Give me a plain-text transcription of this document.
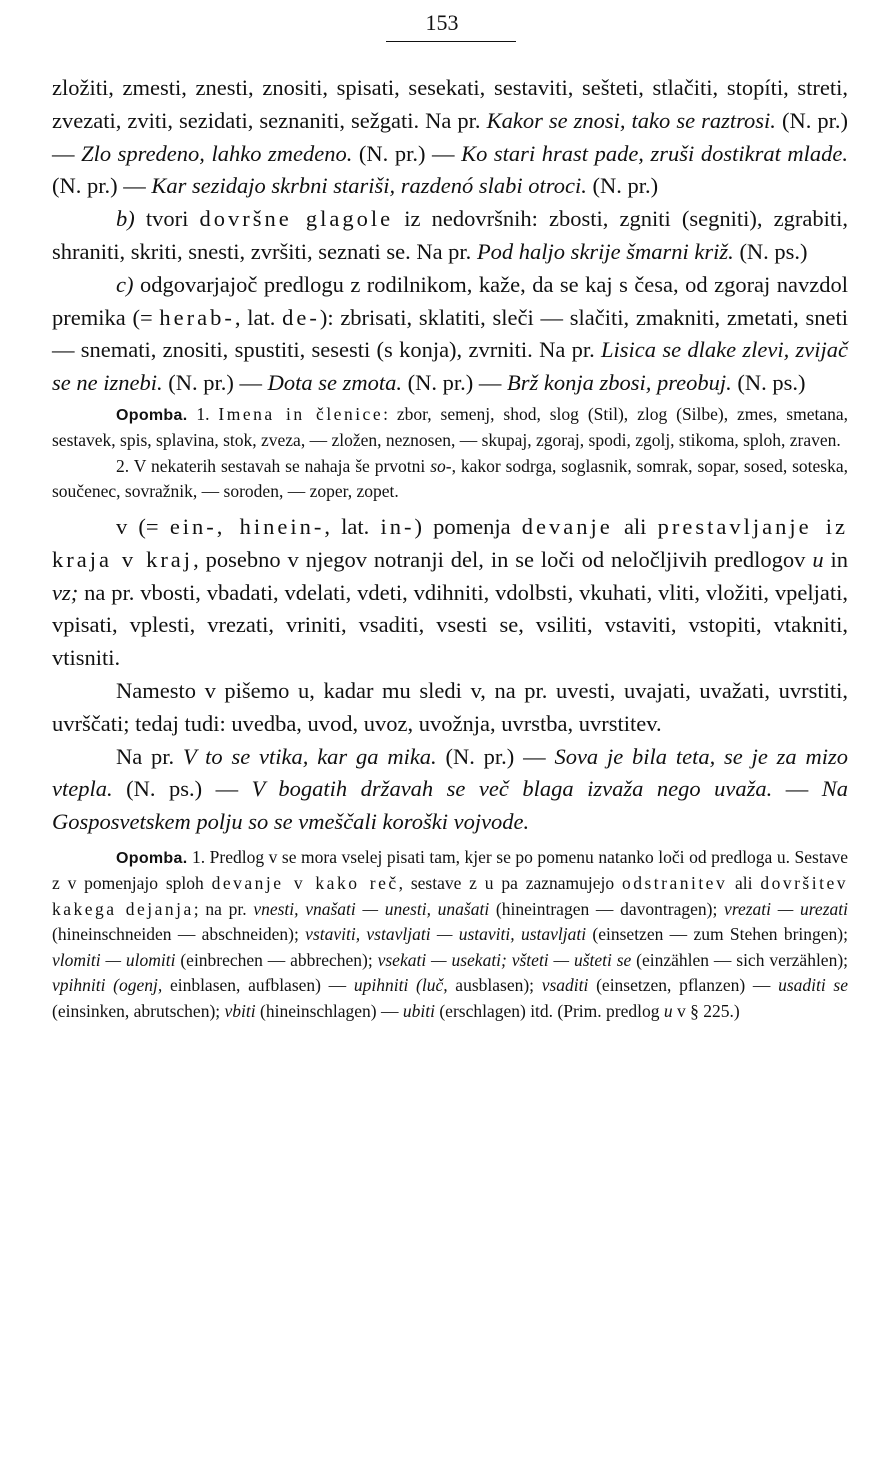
153

zložiti, zmesti, znesti, znositi, spisati, sesekati, sestaviti, sešteti, stlačiti, stopíti, streti, zvezati, zviti, sezidati, seznaniti, sežgati. Na pr. Kakor se znosi, tako se raztrosi. (N. pr.) — Zlo spredeno, lahko zmedeno. (N. pr.) — Ko stari hrast pade, zruši dostikrat mlade. (N. pr.) — Kar sezidajo skrbni stariši, razdenó slabi otroci. (N. pr.)

b) tvori dovršne glagole iz nedovršnih: zbosti, zgniti (segniti), zgrabiti, shraniti, skriti, snesti, zvršiti, seznati se. Na pr. Pod haljo skrije šmarni križ. (N. ps.)

c) odgovarjajoč predlogu z rodilnikom, kaže, da se kaj s česa, od zgoraj navzdol premika (= herab-, lat. de-): zbrisati, sklatiti, sleči — slačiti, zmakniti, zmetati, sneti — snemati, znositi, spustiti, sesesti (s konja), zvrniti. Na pr. Lisica se dlake zlevi, zvijač se ne iznebi. (N. pr.) — Dota se zmota. (N. pr.) — Brž konja zbosi, preobuj. (N. ps.)

Opomba. 1. Imena in členice: zbor, semenj, shod, slog (Stil), zlog (Silbe), zmes, smetana, sestavek, spis, splavina, stok, zveza, — zložen, neznosen, — skupaj, zgoraj, spodi, zgolj, stikoma, sploh, zraven.

2. V nekaterih sestavah se nahaja še prvotni so-, kakor sodrga, soglasnik, somrak, sopar, sosed, soteska, součenec, sovražnik, — soroden, — zoper, zopet.

v (= ein-, hinein-, lat. in-) pomenja devanje ali prestavljanje iz kraja v kraj, posebno v njegov notranji del, in se loči od neločljivih predlogov u in vz; na pr. vbosti, vbadati, vdelati, vdeti, vdihniti, vdolbsti, vkuhati, vliti, vložiti, vpeljati, vpisati, vplesti, vrezati, vriniti, vsaditi, vsesti se, vsiliti, vstaviti, vstopiti, vtakniti, vtisniti.

Namesto v pišemo u, kadar mu sledi v, na pr. uvesti, uvajati, uvažati, uvrstiti, uvrščati; tedaj tudi: uvedba, uvod, uvoz, uvožnja, uvrstba, uvrstitev.

Na pr. V to se vtika, kar ga mika. (N. pr.) — Sova je bila teta, se je za mizo vtepla. (N. ps.) — V bogatih državah se več blaga izvaža nego uvaža. — Na Gosposvetskem polju so se vmeščali koroški vojvode.

Opomba. 1. Predlog v se mora vselej pisati tam, kjer se po pomenu natanko loči od predloga u. Sestave z v pomenjajo sploh devanje v kako reč, sestave z u pa zaznamujejo odstranitev ali dovršitev kakega dejanja; na pr. vnesti, vnašati — unesti, unašati (hineintragen — davontragen); vrezati — urezati (hineinschneiden — abschneiden); vstaviti, vstavljati — ustaviti, ustavljati (einsetzen — zum Stehen bringen); vlomiti — ulomiti (einbrechen — abbrechen); vsekati — usekati; všteti — ušteti se (einzählen — sich verzählen); vpihniti (ogenj, einblasen, aufblasen) — upihniti (luč, ausblasen); vsaditi (einsetzen, pflanzen) — usaditi se (einsinken, abrutschen); vbiti (hineinschlagen) — ubiti (erschlagen) itd. (Prim. predlog u v § 225.)
